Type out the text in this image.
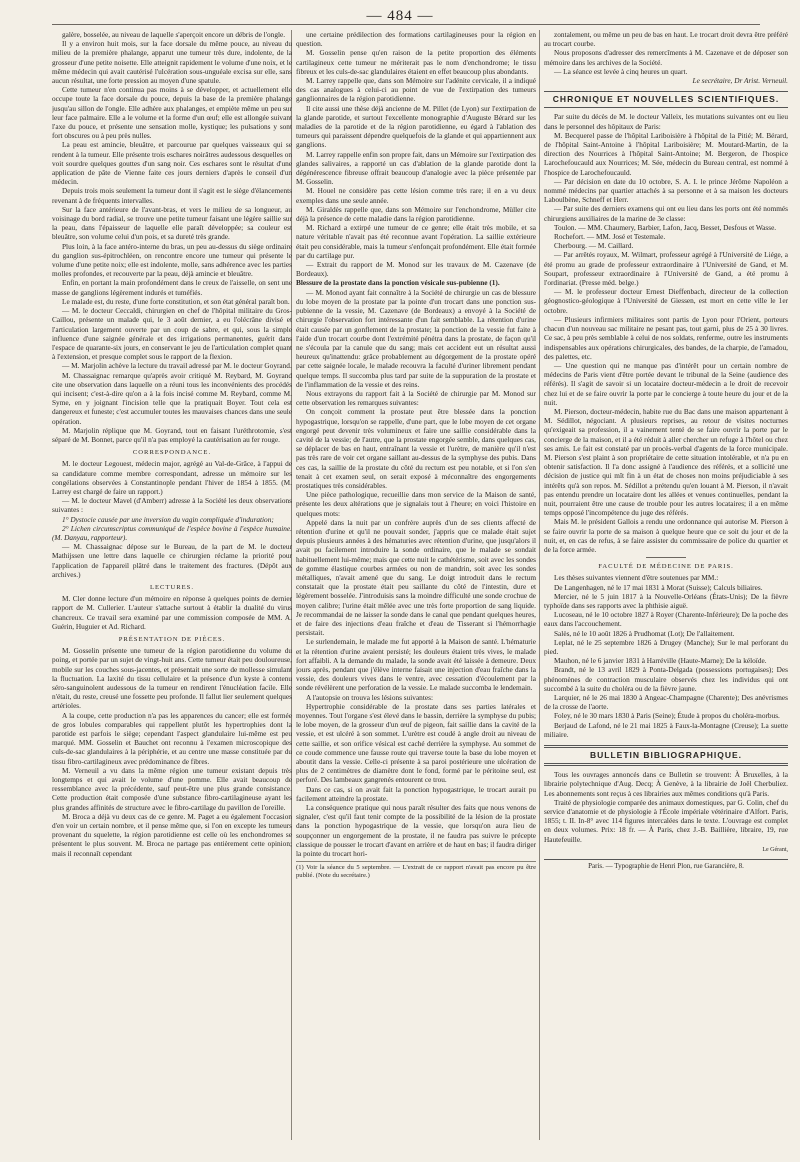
— 484 —

galère, bosselée, au niveau de laquelle s'aperçoit encore un débris de l'ongle.

Il y a environ huit mois, sur la face dorsale du même pouce, au niveau du milieu de la première phalange, apparut une tumeur très dure, indolente, de la grosseur d'une petite noisette. Elle atteignit rapidement le volume d'une noix, et le même médecin qui avait cautérisé l'ulcération sous-unguéale excisa sur elle, sans aucun résultat, une forte pression au moyen d'une spatule.

Cette tumeur n'en continua pas moins à se développer, et actuellement elle occupe toute la face dorsale du pouce, depuis la base de la première phalange jusqu'au sillon de l'ongle. Elle adhère aux phalanges, et empiète même un peu sur leur face palmaire. Elle a le volume et la forme d'un œuf; elle est allongée suivant l'axe du pouce, et présente une sensation molle, kystique; les pulsations y sont fort obscures ou à peu près nulles.

La peau est amincie, bleuâtre, et parcourue par quelques vaisseaux qui se rendent à la tumeur. Elle présente trois eschares noirâtres audessous desquelles on voit sourdre quelques gouttes d'un sang noir. Ces eschares sont le résultat d'une application de pâte de Vienne faite ces jours derniers d'après le conseil d'un médecin.

Depuis trois mois seulement la tumeur dont il s'agit est le siège d'élancements revenant à de fréquents intervalles.

Sur la face antérieure de l'avant-bras, et vers le milieu de sa longueur, au voisinage du bord radial, se trouve une petite tumeur faisant une légère saillie sur la peau, dans l'épaisseur de laquelle elle paraît développée; sa couleur est bleuâtre, son volume celui d'un pois, et sa dureté très grande.

Plus loin, à la face antéro-interne du bras, un peu au-dessus du siège ordinaire du ganglion sus-épitrochléen, on rencontre encore une tumeur qui présente le volume d'une petite noix; elle est indolente, molle, sans adhérence avec les parties molles profondes, et recouverte par la peau, déjà amincie et bleuâtre.

Enfin, en portant la main profondément dans le creux de l'aisselle, on sent une masse de ganglions légèrement indurés et tuméfiés.

Le malade est, du reste, d'une forte constitution, et son état général paraît bon.

— M. le docteur Ceccaldi, chirurgien en chef de l'hôpital militaire du Gros-Caillou, présente un malade qui, le 3 août dernier, a eu l'olécrâne divisé et l'articulation largement ouverte par un coup de sabre, et qui, sous la simple influence d'une saignée générale et des irrigations permanentes, guérit dans l'espace de quarante-six jours, en conservant le jeu de l'articulation complet quant à l'extension, et presque complet sous le rapport de la flexion.

— M. Marjolin achève la lecture du travail adressé par M. le docteur Goyrand.

M. Chassaignac remarque qu'après avoir critiqué M. Reybard, M. Goyrand cite une observation dans laquelle on a réuni tous les inconvénients des procédés qui incisent; c'est-à-dire qu'on a à la fois incisé comme M. Reybard, comme M. Syme, en y joignant l'incision telle que la pratiquait Boyer. Tout cela est dangereux et funeste; c'est accumuler toutes les mauvaises chances dans une seule opération.

M. Marjolin réplique que M. Goyrand, tout en faisant l'uréthrotomie, s'est séparé de M. Bonnet, parce qu'il n'a pas employé la cautérisation au fer rouge.

CORRESPONDANCE.

M. le docteur Legouest, médecin major, agrégé au Val-de-Grâce, à l'appui de sa candidature comme membre correspondant, adresse un mémoire sur les congélations observées à Constantinople pendant l'hiver de 1854 à 1855. (M. Larrey est chargé de faire un rapport.)

— M. le docteur Mavel (d'Amberr) adresse à la Société les deux observations suivantes :

1° Dystocie causée par une inversion du vagin compliquée d'induration;

2° Lichen circumscriptus communiqué de l'espèce bovine à l'espèce humaine. (M. Danyau, rapporteur).

— M. Chassaignac dépose sur le Bureau, de la part de M. le docteur Mathijssen une lettre dans laquelle ce chirurgien réclame la priorité pour l'application de l'appareil plâtré dans le traitement des fractures. (Dépôt aux archives.)

LECTURES.

M. Cler donne lecture d'un mémoire en réponse à quelques points de dernier rapport de M. Cullerier. L'auteur s'attache surtout à établir la dualité du virus chancreux. Ce travail sera examiné par une commission composée de MM. A. Guérin, Huguier et Ad. Richard.

PRÉSENTATION DE PIÈCES.

M. Gosselin présente une tumeur de la région parotidienne du volume du poing, et portée par un sujet de vingt-huit ans. Cette tumeur était peu douloureuse, mobile sur les couches sous-jacentes, et présentait une sorte de mollesse simulant la fluctuation. La laxité du tissu cellulaire et la présence d'un kyste à contenu séro-sanguinolent audessous de la tumeur en rendirent l'énucléation facile. Elle n'était, du reste, creusé une fossette peu profonde. Il fallut lier seulement quelques artérioles.

A la coupe, cette production n'a pas les apparences du cancer; elle est formée de gros lobules comparables qui rappellent plutôt les hypertrophies dont la parotide est parfois le siège; cependant l'aspect glandulaire lui-même est peu marqué. MM. Gosselin et Bauchet ont reconnu à l'examen microscopique des culs-de-sac glandulaires à la périphérie, et au centre une masse constituée par du tissu fibro-cartilagineux avec prédominance de fibres.

M. Verneuil a vu dans la même région une tumeur existant depuis très longtemps et qui avait le volume d'une pomme. Elle avait beaucoup de ressemblance avec la précédente, sauf peut-être une plus grande consistance. Cette production était composée d'une substance fibro-cartilagineuse ayant les plus grandes affinités de structure avec le fibro-cartilage du pavillon de l'oreille.

M. Broca a déjà vu deux cas de ce genre. M. Paget a eu également l'occasion d'en voir un certain nombre, et il pense même que, si l'on en excepte les tumeurs provenant du squelette, la région parotidienne est celle où les enchondromes se présentent le plus souvent. M. Broca ne partage pas entièrement cette opinion; mais il reconnaît cependant

une certaine prédilection des formations cartilagineuses pour la région en question.

M. Gosselin pense qu'en raison de la petite proportion des éléments cartilagineux cette tumeur ne mériterait pas le nom d'enchondrome; le tissu fibreux et les culs-de-sac glandulaires étaient en effet beaucoup plus abondants.

M. Larrey rappelle que, dans son Mémoire sur l'adénite cervicale, il a indiqué des cas analogues à celui-ci au point de vue de l'extirpation des tumeurs ganglionnaires de la région parotidienne.

Il cite aussi une thèse déjà ancienne de M. Pillet (de Lyon) sur l'extirpation de la glande parotide, et surtout l'excellente monographie d'Auguste Bérard sur les maladies de la parotide et de la région parotidienne, eu égard à l'ablation des tumeurs qui paraissent dépendre quelquefois de la glande et qui appartiennent aux ganglions.

M. Larrey rappelle enfin son propre fait, dans un Mémoire sur l'extirpation des glandes salivaires, a rapporté un cas d'ablation de la glande parotide dont la dégénérescence fibreuse offrait beaucoup d'analogie avec la pièce présentée par M. Gosselin.

M. Houel ne considère pas cette lésion comme très rare; il en a vu deux exemples dans une seule année.

M. Giraldès rappelle que, dans son Mémoire sur l'enchondrome, Müller cite déjà la présence de cette maladie dans la région parotidienne.

M. Richard a extirpé une tumeur de ce genre; elle était très mobile, et sa nature véritable n'avait pas été reconnue avant l'opération. La saillie extérieure était peu considérable, mais la tumeur s'enfonçait profondément. Elle était formée par du cartilage pur.

— Extrait du rapport de M. Monod sur les travaux de M. Cazenave (de Bordeaux).

Blessure de la prostate dans la ponction vésicale sus-pubienne (1).

— M. Monod ayant fait connaître à la Société de chirurgie un cas de blessure du lobe moyen de la prostate par la pointe d'un trocart dans une ponction sus-pubienne de la vessie, M. Cazenave (de Bordeaux) a envoyé à la Société de chirurgie l'observation fort intéressante d'un fait semblable. La rétention d'urine était causée par un gonflement de la prostate; la ponction de la vessie fut faite à l'aide d'un trocart courbe dont l'extrémité pénétra dans la prostate, de façon qu'il ne s'écoula par la canule que du sang; mais cet accident eut un résultat aussi heureux qu'inattendu: grâce probablement au dégorgement de la prostate opéré par cette saignée locale, le malade recouvra la faculté d'uriner librement pendant quelque temps. Il succomba plus tard par suite de la suppuration de la prostate et de l'inflammation de la vessie et des reins.

Nous extrayons du rapport fait à la Société de chirurgie par M. Monod sur cette observation les remarques suivantes:

On conçoit comment la prostate peut être blessée dans la ponction hypogastrique, lorsqu'on se rappelle, d'une part, que le lobe moyen de cet organe engorgé peut devenir très volumineux et faire une saillie considérable dans la cavité de la vessie; de l'autre, que la prostate engorgée semble, dans quelques cas, se déplacer de bas en haut, entraînant la vessie et l'urètre, de manière qu'il n'est pas très rare de voir cet organe saillant au-dessus de la symphyse des pubis. Dans ces cas, la saillie de la prostate du côté du rectum est peu notable, et si l'on s'en tenait à cet examen seul, on serait exposé à méconnaître des engorgements prostatiques très considérables.

Une pièce pathologique, recueillie dans mon service de la Maison de santé, présente les deux altérations que je signalais tout à l'heure; en voici l'histoire en quelques mots:

Appelé dans la nuit par un confrère auprès d'un de ses clients affecté de rétention d'urine et qu'il ne pouvait sonder, j'appris que ce malade était sujet depuis plusieurs années à des hématuries avec rétention d'urine, que jusqu'alors il avait pu facilement introduire la sonde ordinaire, que le malade se sondait habituellement lui-même; mais que cette nuit le cathétérisme, soit avec les sondes de gomme élastique courbes armées ou non de mandrin, soit avec les sondes métalliques, n'avait amené que du sang. Le doigt introduit dans le rectum constatait que la prostate était peu saillante du côté de l'intestin, dure et légèrement bosselée. J'introduisis sans la moindre difficulté une sonde crochue de moyen calibre; l'urine était mêlée avec une très forte proportion de sang liquide. Je recommandai de ne laisser la sonde dans le canal que pendant quelques heures, et de faire des injections d'eau fraîche et d'eau de Tisserant si l'hémorrhagie persistait.

Le surlendemain, le malade me fut apporté à la Maison de santé. L'hématurie et la rétention d'urine avaient persisté; les douleurs étaient très vives, le malade fort affaibli. A la demande du malade, la sonde avait été laissée à demeure. Deux jours après, pendant que j'élève interne faisait une injection d'eau fraîche dans la vessie, des douleurs vives dans le ventre, avec cessation d'écoulement par la sonde révélèrent une perforation de la vessie. Le malade succomba le lendemain.

A l'autopsie on trouva les lésions suivantes:

Hypertrophie considérable de la prostate dans ses parties latérales et moyennes. Tout l'organe s'est élevé dans le bassin, derrière la symphyse du pubis; le lobe moyen, de la grosseur d'un œuf de pigeon, fait saillie dans la cavité de la vessie, et est ulcéré à son sommet. L'urètre est coudé à angle droit au niveau de cette saillie, et son orifice vésical est caché derrière la symphyse. Au sommet de ce coude commence une fausse route qui traverse toute la base du lobe moyen et aboutit dans la vessie. Celle-ci présente à sa paroi postérieure une ulcération de plus de 2 centimètres de diamètre dont le fond, formé par le péritoine seul, est perforé. Des lambeaux gangrenés entourent ce trou.

Dans ce cas, si on avait fait la ponction hypogastrique, le trocart aurait pu facilement atteindre la prostate.

La conséquence pratique qui nous paraît résulter des faits que nous venons de signaler, c'est qu'il faut tenir compte de la possibilité de la lésion de la prostate dans la ponction hypogastrique de la vessie, que lorsqu'on aura lieu de soupçonner un engorgement de la prostate, il ne faudra pas suivre le précepte classique de pousser le trocart d'avant en arrière et de haut en bas; il faudra diriger la pointe du trocart hori-

(1) Voir la séance du 5 septembre. — L'extrait de ce rapport n'avait pas encore pu être publié. (Note du secrétaire.)

zontalement, ou même un peu de bas en haut. Le trocart droit devra être préféré au trocart courbe.

Nous proposons d'adresser des remercîments à M. Cazenave et de déposer son mémoire dans les archives de la Société.

— La séance est levée à cinq heures un quart.

Le secrétaire, Dr Arist. Verneuil.

CHRONIQUE ET NOUVELLES SCIENTIFIQUES.

Par suite du décès de M. le docteur Valleix, les mutations suivantes ont eu lieu dans le personnel des hôpitaux de Paris:

M. Becquerel passe de l'hôpital Lariboisière à l'hôpital de la Pitié; M. Bérard, de l'hôpital Saint-Antoine à l'hôpital Lariboisière; M. Moutard-Martin, de la direction des Nourrices à l'hôpital Saint-Antoine; M. Bergeron, de l'hospice Larochefoucauld aux Nourrices; M. Sée, médecin du Bureau central, est nommé à l'hospice de Larochefoucauld.

— Par décision en date du 10 octobre, S. A. I. le prince Jérôme Napoléon a nommé médecins par quartier attachés à sa personne et à sa maison les docteurs Laboulbène, Schneff et Herr.

— Par suite des derniers examens qui ont eu lieu dans les ports ont été nommés chirurgiens auxiliaires de la marine de 3e classe:

Toulon. — MM. Chaumery, Barbier, Lafon, Jacq, Besset, Desfous et Wasse.

Rochefort. — MM. José et Testemale.

Cherbourg. — M. Caillard.

— Par arrêtés royaux, M. Wilmart, professeur agrégé à l'Université de Liége, a été promu au grade de professeur extraordinaire à l'Université de Gand, et M. Soupart, professeur extraordinaire à l'Université de Gand, a été promu à l'ordinariat. (Presse méd. belge.)

— M. le professeur docteur Ernest Dieffenbach, directeur de la collection géognostico-géologique à l'Université de Giessen, est mort en cette ville le 1er octobre.

— Plusieurs infirmiers militaires sont partis de Lyon pour l'Orient, porteurs chacun d'un nouveau sac militaire ne pesant pas, tout garni, plus de 25 à 30 livres. Ce sac, à peu près semblable à celui de nos soldats, renferme, outre les instruments indispensables aux opérations chirurgicales, des bandes, de la charpie, de l'amadou, des palettes, etc.

— Une question qui ne manque pas d'intérêt pour un certain nombre de médecins de Paris vient d'être portée devant le tribunal de la Seine (audience des référés). Il s'agit de savoir si un locataire docteur-médecin a le droit de recevoir chez lui et de se faire ouvrir la porte par le concierge à toute heure du jour et de la nuit.

M. Pierson, docteur-médecin, habite rue du Bac dans une maison appartenant à M. Sédillot, négociant. A plusieurs reprises, au retour de visites nocturnes qu'exigeait sa profession, il a vainement tenté de se faire ouvrir la porte par le concierge de la maison, et il a été réduit à aller chercher un refuge à l'hôtel ou chez ses amis. Le fait est constaté par un procès-verbal d'agents de la force municipale. M. Pierson s'est plaint à son propriétaire de cette situation intolérable, et n'a pu en obtenir satisfaction. Il l'a donc assigné à l'audience des référés, et a sollicité une décision de justice qui mît fin à un état de choses non moins préjudiciable à ses intérêts qu'à son repos. M. Sédillot a prétendu qu'en louant à M. Pierson, il n'avait pas entendu prendre un locataire dont les allées et venues continuelles, pendant la nuit, pourraient être une cause de trouble pour les autres locataires; il a en même temps opposé l'incompétence du juge des référés.

Mais M. le président Gallois a rendu une ordonnance qui autorise M. Pierson à se faire ouvrir la porte de sa maison à quelque heure que ce soit du jour et de la nuit, et, en cas de refus, à se faire assister du commissaire de police du quartier et de la force armée.

FACULTÉ DE MÉDECINE DE PARIS.

Les thèses suivantes viennent d'être soutenues par MM.:

De Langenhagen, né le 17 mai 1831 à Morat (Suisse); Calculs biliaires.

Mercier, né le 5 juin 1817 à la Nouvelle-Orléans (États-Unis); De la fièvre typhoïde dans ses rapports avec la phthisie aiguë.

Lucoseau, né le 10 octobre 1827 à Royer (Charente-Inférieure); De la poche des eaux dans l'accouchement.

Salès, né le 10 août 1826 à Prudhomat (Lot); De l'allaitement.

Leplat, né le 25 septembre 1826 à Drugey (Manche); Sur le mal perforant du pied.

Mauhon, né le 6 janvier 1831 à Harréville (Haute-Marne); De la kéloïde.

Brandt, né le 13 avril 1829 à Ponta-Delgada (possessions portugaises); Des phénomènes de contraction musculaire observés chez les individus qui ont succombé à la suite du choléra ou de la fièvre jaune.

Larquier, né le 26 mai 1830 à Angeac-Champagne (Charente); Des anévrismes de la crosse de l'aorte.

Foley, né le 30 mars 1830 à Paris (Seine); Étude à propos du choléra-morbus.

Berjaud de Lafond, né le 21 mai 1825 à Faux-la-Montagne (Creuse); La suette miliaire.

BULLETIN BIBLIOGRAPHIQUE.

Tous les ouvrages annoncés dans ce Bulletin se trouvent: À Bruxelles, à la librairie polytechnique d'Aug. Decq; À Genève, à la librairie de Joël Cherbuliez. Les abonnements sont reçus à ces librairies aux mêmes conditions qu'à Paris.

Traité de physiologie comparée des animaux domestiques, par G. Colin, chef du service d'anatomie et de physiologie à l'École impériale vétérinaire d'Alfort. Paris, 1855; t. II. In-8° avec 114 figures intercalées dans le texte. L'ouvrage est complet en deux volumes. Prix: 18 fr. — À Paris, chez J.-B. Baillière, libraire, 19, rue Hautefeuille.

Le Gérant,
Paris. — Typographie de Henri Plon, rue Garancière, 8.
